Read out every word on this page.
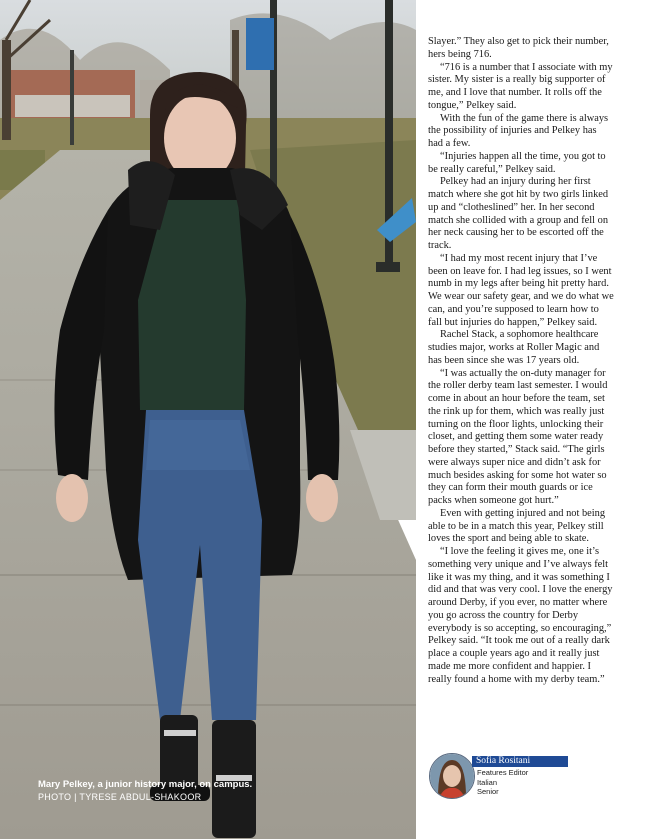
Mary Pelkey, a junior history major, on campus.
PHOTO | TYRESE ABDUL-SHAKOOR

Slayer.” They also get to pick their number, hers being 716.

“716 is a number that I associate with my sister. My sister is a really big supporter of me, and I love that number. It rolls off the tongue,” Pelkey said.

With the fun of the game there is always the possibility of injuries and Pelkey has had a few.

“Injuries happen all the time, you got to be really careful,” Pelkey said.

Pelkey had an injury during her first match where she got hit by two girls linked up and “clotheslined” her. In her second match she collided with a group and fell on her neck causing her to be escorted off the track.

“I had my most recent injury that I’ve been on leave for. I had leg issues, so I went numb in my legs after being hit pretty hard. We wear our safety gear, and we do what we can, and you’re supposed to learn how to fall but injuries do happen,” Pelkey said.

Rachel Stack, a sophomore healthcare studies major, works at Roller Magic and has been since she was 17 years old.

“I was actually the on-duty manager for the roller derby team last semester. I would come in about an hour before the team, set the rink up for them, which was really just turning on the floor lights, unlocking their closet, and getting them some water ready before they started,” Stack said. “The girls were always super nice and didn’t ask for much besides asking for some hot water so they can form their mouth guards or ice packs when someone got hurt.”

Even with getting injured and not being able to be in a match this year, Pelkey still loves the sport and being able to skate.

“I love the feeling it gives me, one it’s something very unique and I’ve always felt like it was my thing, and it was something I did and that was very cool. I love the energy around Derby, if you ever, no matter where you go across the country for Derby everybody is so accepting, so encouraging,” Pelkey said. “It took me out of a really dark place a couple years ago and it really just made me more confident and happier. I really found a home with my derby team.”

Sofia Rositani
Features Editor
Italian
Senior
